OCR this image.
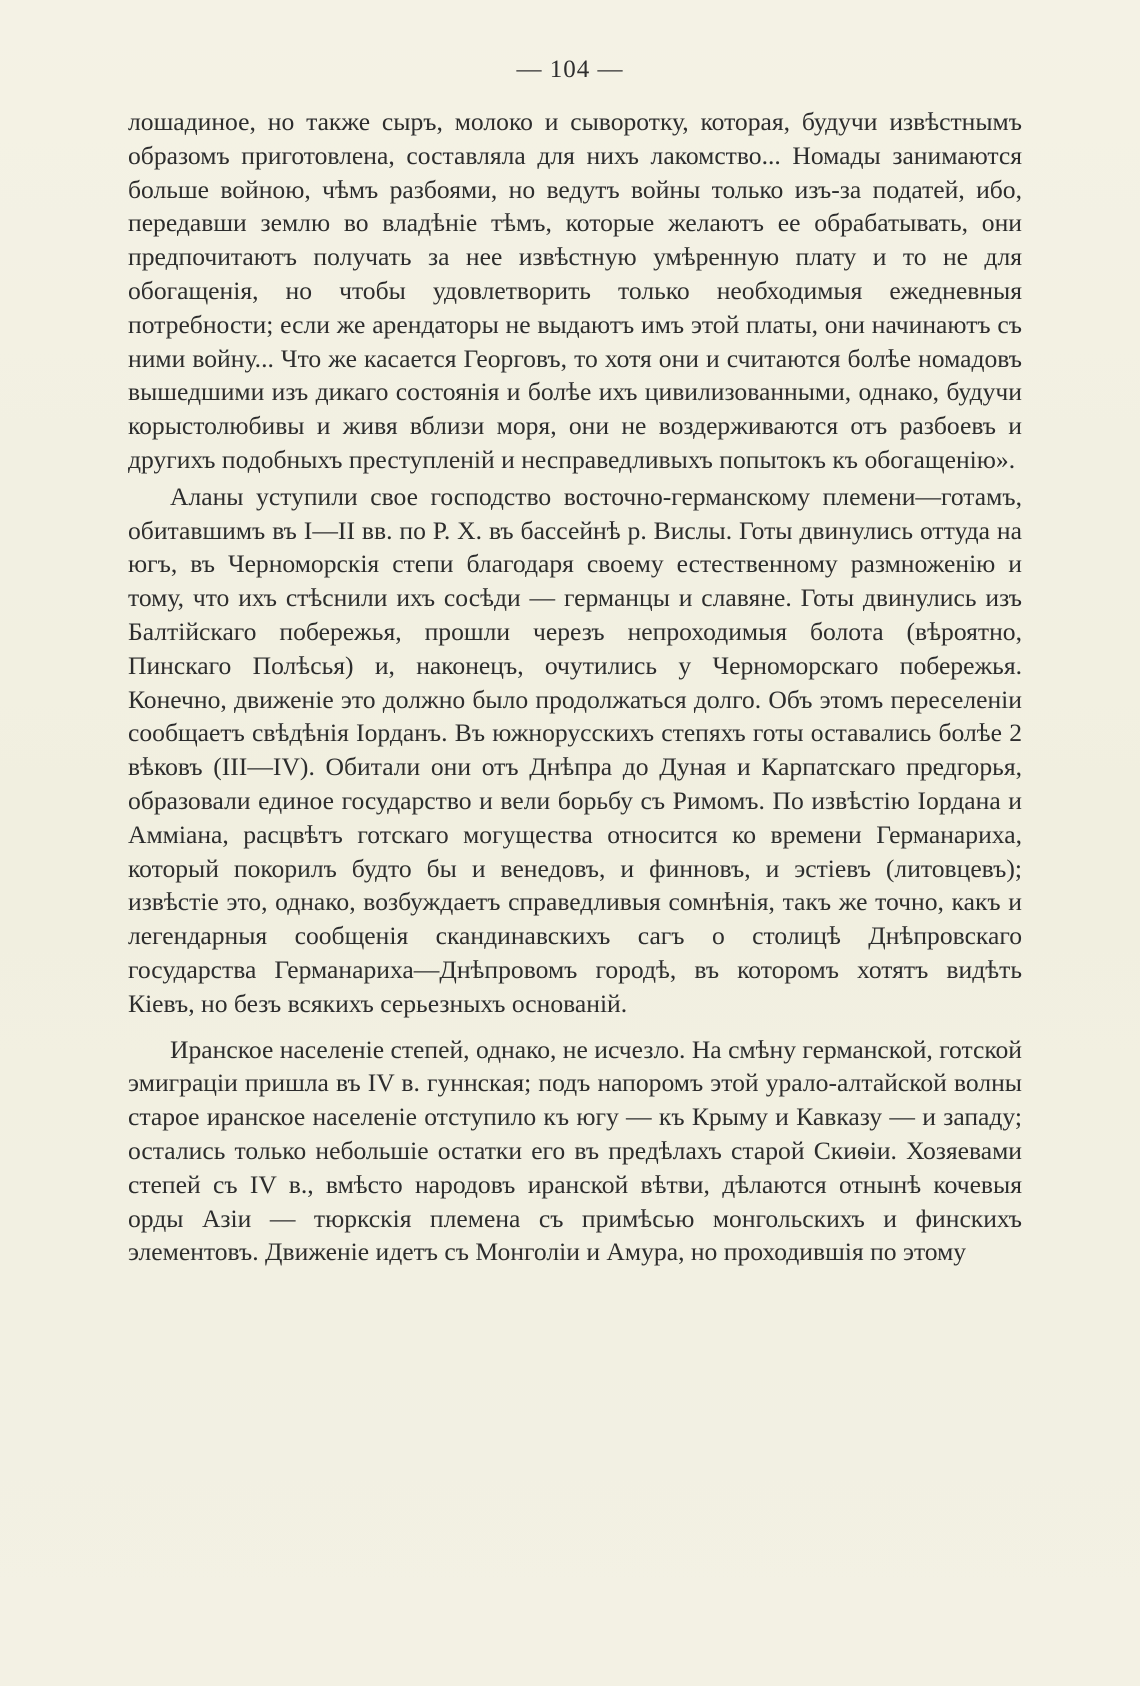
— 104 —

лошадиное, но также сыръ, молоко и сыворотку, которая, будучи извѣстнымъ образомъ приготовлена, составляла для нихъ лакомство... Номады занимаются больше войною, чѣмъ разбоями, но ведутъ войны только изъ-за податей, ибо, передавши землю во владѣніе тѣмъ, которые желаютъ ее обрабатывать, они предпочитаютъ получать за нее извѣстную умѣренную плату и то не для обогащенія, но чтобы удовлетворить только необходимыя ежедневныя потребности; если же арендаторы не выдаютъ имъ этой платы, они начинаютъ съ ними войну... Что же касается Георговъ, то хотя они и считаются болѣе номадовъ вышедшими изъ дикаго состоянія и болѣе ихъ цивилизованными, однако, будучи корыстолюбивы и живя вблизи моря, они не воздерживаются отъ разбоевъ и другихъ подобныхъ преступленій и несправедливыхъ попытокъ къ обогащенію».

Аланы уступили свое господство восточно-германскому племени—готамъ, обитавшимъ въ I—II вв. по Р. Х. въ бассейнѣ р. Вислы. Готы двинулись оттуда на югъ, въ Черноморскія степи благодаря своему естественному размноженію и тому, что ихъ стѣснили ихъ сосѣди — германцы и славяне. Готы двинулись изъ Балтійскаго побережья, прошли черезъ непроходимыя болота (вѣроятно, Пинскаго Полѣсья) и, наконецъ, очутились у Черноморскаго побережья. Конечно, движеніе это должно было продолжаться долго. Объ этомъ переселеніи сообщаетъ свѣдѣнія Іорданъ. Въ южнорусскихъ степяхъ готы оставались болѣе 2 вѣковъ (III—IV). Обитали они отъ Днѣпра до Дуная и Карпатскаго предгорья, образовали единое государство и вели борьбу съ Римомъ. По извѣстію Іордана и Амміана, расцвѣтъ готскаго могущества относится ко времени Германариха, который покорилъ будто бы и венедовъ, и финновъ, и эстіевъ (литовцевъ); извѣстіе это, однако, возбуждаетъ справедливыя сомнѣнія, такъ же точно, какъ и легендарныя сообщенія скандинавскихъ сагъ о столицѣ Днѣпровскаго государства Германариха—Днѣпровомъ городѣ, въ которомъ хотятъ видѣть Кіевъ, но безъ всякихъ серьезныхъ основаній.

Иранское населеніе степей, однако, не исчезло. На смѣну германской, готской эмиграціи пришла въ IV в. гуннская; подъ напоромъ этой урало-алтайской волны старое иранское населеніе отступило къ югу — къ Крыму и Кавказу — и западу; остались только небольшіе остатки его въ предѣлахъ старой Скиѳіи. Хозяевами степей съ IV в., вмѣсто народовъ иранской вѣтви, дѣлаются отнынѣ кочевыя орды Азіи — тюркскія племена съ примѣсью монгольскихъ и финскихъ элементовъ. Движеніе идетъ съ Монголіи и Амура, но проходившія по этому
